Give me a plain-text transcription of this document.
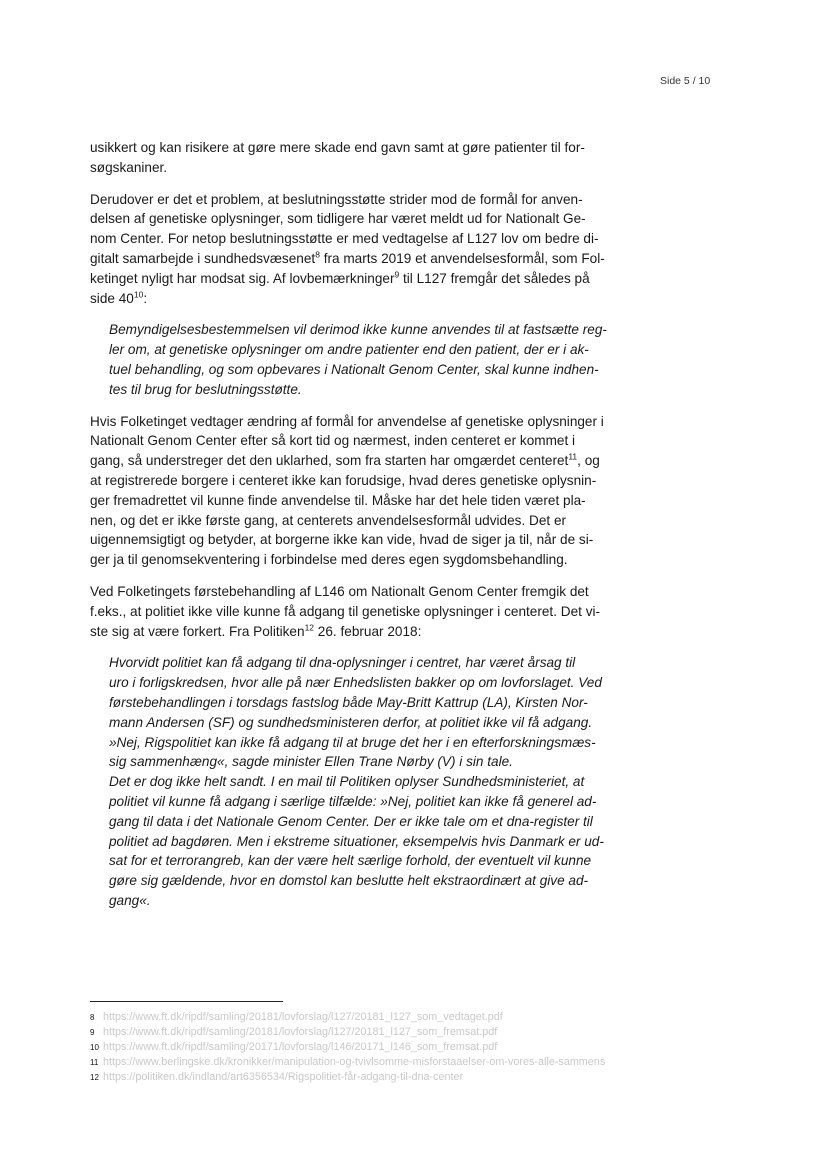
Side 5 / 10
usikkert og kan risikere at gøre mere skade end gavn samt at gøre patienter til for-
søgskaniner.
Derudover er det et problem, at beslutningsstøtte strider mod de formål for anven-
delsen af genetiske oplysninger, som tidligere har været meldt ud for Nationalt Ge-
nom Center. For netop beslutningsstøtte er med vedtagelse af L127 lov om bedre di-
gitalt samarbejde i sundhedsvæsenet$^8$ fra marts 2019 et anvendelsesformål, som Fol-
ketinget nyligt har modsat sig. Af lovbemærkninger$^9$ til L127 fremgår det således på
side $40^{10}$:
Bemyndigelsesbestemmelsen vil derimod ikke kunne anvendes til at fastsætte reg-
ler om, at genetiske oplysninger om andre patienter end den patient, der er i ak-
tuel behandling, og som opbevares i Nationalt Genom Center, skal kunne indhen-
tes til brug for beslutningsstøtte.
Hvis Folketinget vedtager ændring af formål for anvendelse af genetiske oplysninger i
Nationalt Genom Center efter så kort tid og nærmest, inden centeret er kommet i
gang, så understreger det den uklarhed, som fra starten har omgærdet centeret$^{11}$, og
at registrerede borgere i centeret ikke kan forudsige, hvad deres genetiske oplysnin-
ger fremadrettet vil kunne finde anvendelse til. Måske har det hele tiden været pla-
nen, og det er ikke første gang, at centerets anvendelsesformål udvides. Det er
uigennemsigtigt og betyder, at borgerne ikke kan vide, hvad de siger ja til, når de si-
ger ja til genomsekventering i forbindelse med deres egen sygdomsbehandling.
Ved Folketingets førstebehandling af L146 om Nationalt Genom Center fremgik det
f.eks., at politiet ikke ville kunne få adgang til genetiske oplysninger i centeret. Det vi-
ste sig at være forkert. Fra Politiken$^{12}$ 26. februar 2018:
Hvorvidt politiet kan få adgang til dna-oplysninger i centret, har været årsag til
uro i forligskredsen, hvor alle på nær Enhedslisten bakker op om lovforslaget. Ved
førstebehandlingen i torsdags fastslog både May-Britt Kattrup (LA), Kirsten Nor-
mann Andersen (SF) og sundhedsministeren derfor, at politiet ikke vil få adgang.
»Nej, Rigspolitiet kan ikke få adgang til at bruge det her i en efterforskningsmæs-
sig sammenhæng«, sagde minister Ellen Trane Nørby (V) i sin tale.
Det er dog ikke helt sandt. I en mail til Politiken oplyser Sundhedsministeriet, at
politiet vil kunne få adgang i særlige tilfælde: »Nej, politiet kan ikke få generel ad-
gang til data i det Nationale Genom Center. Der er ikke tale om et dna-register til
politiet ad bagdøren. Men i ekstreme situationer, eksempelvis hvis Danmark er ud-
sat for et terrorangreb, kan der være helt særlige forhold, der eventuelt vil kunne
gøre sig gældende, hvor en domstol kan beslutte helt ekstraordinært at give ad-
gang«.
8 https://www.ft.dk/ripdf/samling/20181/lovforslag/l127/20181_l127_som_vedtaget.pdf
9 https://www.ft.dk/ripdf/samling/20181/lovforslag/l127/20181_l127_som_fremsat.pdf
10 https://www.ft.dk/ripdf/samling/20171/lovforslag/l146/20171_l146_som_fremsat.pdf
11 https://www.berlingske.dk/kronikker/manipulation-og-tvivlsomme-misforstaaelser-om-vores-alle-sammens
12 https://politiken.dk/indland/art6356534/Rigspolitiet-får-adgang-til-dna-center
